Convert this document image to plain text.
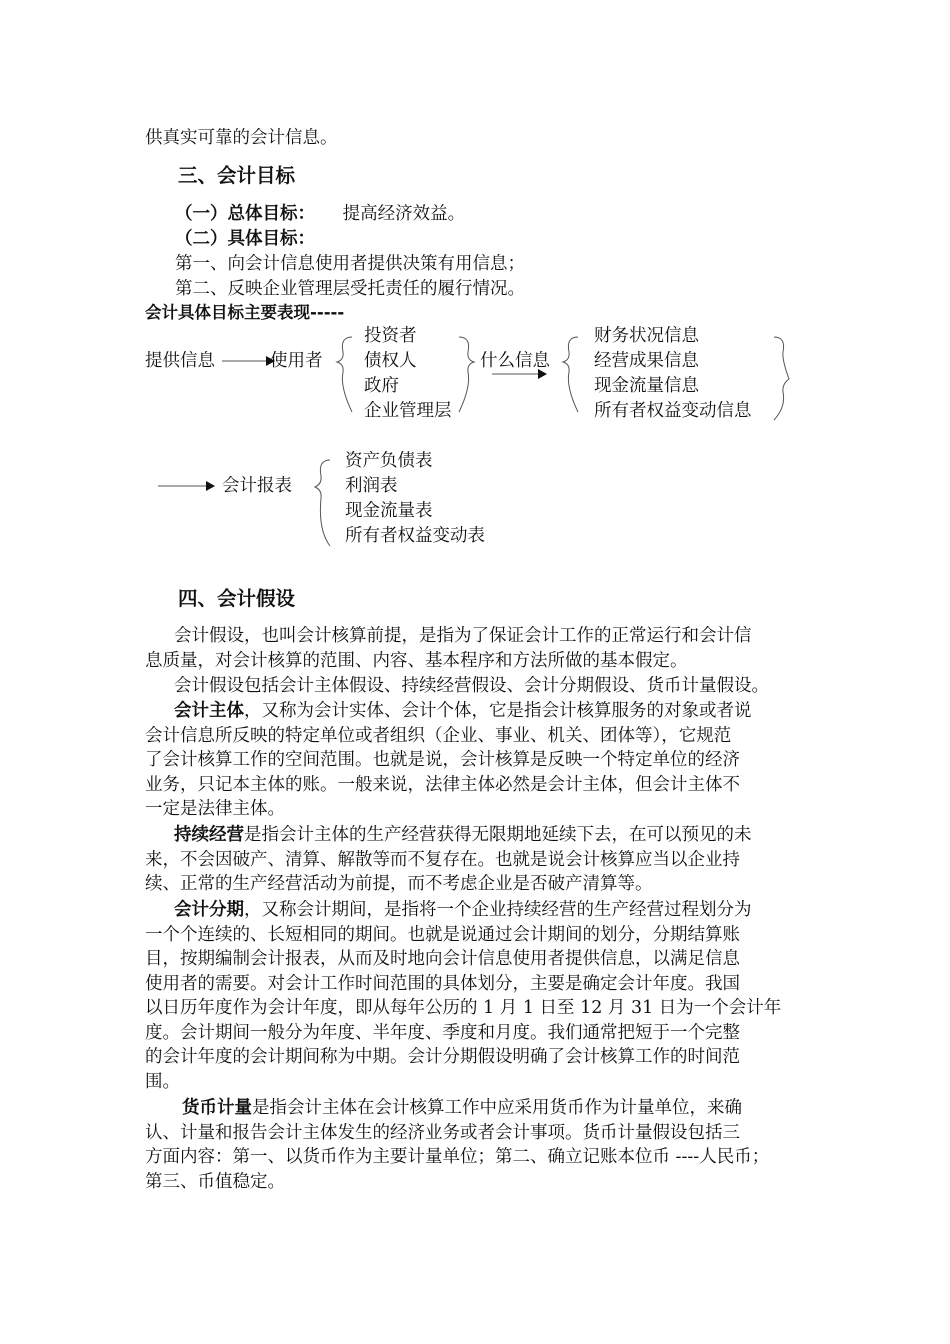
供真实可靠的会计信息。
三、会计目标
（一）总体目标： 提高经济效益。
（二）具体目标：
第一、向会计信息使用者提供决策有用信息；
第二、反映企业管理层受托责任的履行情况。
会计具体目标主要表现-----
提供信息	使用者
投资者
债权人
政府
企业管理层
什么信息
财务状况信息
经营成果信息
现金流量信息
所有者权益变动信息
会计报表
资产负债表
利润表
现金流量表
所有者权益变动表
四、会计假设
会计假设，也叫会计核算前提，是指为了保证会计工作的正常运行和会计信
息质量，对会计核算的范围、内容、基本程序和方法所做的基本假定。
会计假设包括会计主体假设、持续经营假设、会计分期假设、货币计量假设。
会计主体，又称为会计实体、会计个体，它是指会计核算服务的对象或者说
会计信息所反映的特定单位或者组织（企业、事业、机关、团体等），它规范
了会计核算工作的空间范围。也就是说，会计核算是反映一个特定单位的经济
业务，只记本主体的账。一般来说，法律主体必然是会计主体，但会计主体不
一定是法律主体。
持续经营是指会计主体的生产经营获得无限期地延续下去，在可以预见的未
来，不会因破产、清算、解散等而不复存在。也就是说会计核算应当以企业持
续、正常的生产经营活动为前提，而不考虑企业是否破产清算等。
会计分期，又称会计期间，是指将一个企业持续经营的生产经营过程划分为
一个个连续的、长短相同的期间。也就是说通过会计期间的划分，分期结算账
目，按期编制会计报表，从而及时地向会计信息使用者提供信息，以满足信息
使用者的需要。对会计工作时间范围的具体划分，主要是确定会计年度。我国
以日历年度作为会计年度，即从每年公历的 1 月 1 日至 12 月 31 日为一个会计年
度。会计期间一般分为年度、半年度、季度和月度。我们通常把短于一个完整
的会计年度的会计期间称为中期。会计分期假设明确了会计核算工作的时间范
围。
货币计量是指会计主体在会计核算工作中应采用货币作为计量单位，来确
认、计量和报告会计主体发生的经济业务或者会计事项。货币计量假设包括三
方面内容：第一、以货币作为主要计量单位；第二、确立记账本位币 ----人民币；
第三、币值稳定。
